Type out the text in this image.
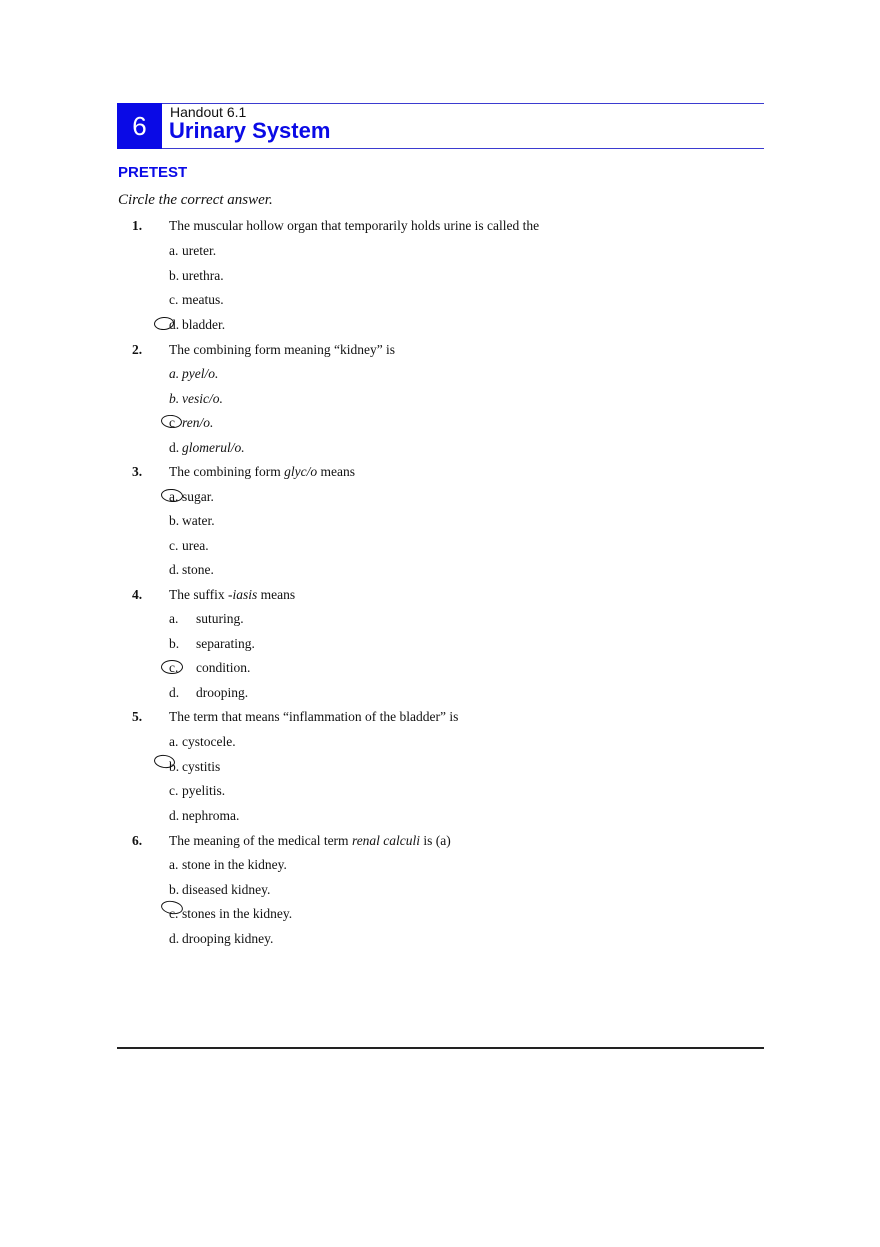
6	Handout 6.1
Urinary System
PRETEST
Circle the correct answer.
1. The muscular hollow organ that temporarily holds urine is called the
a. ureter.
b. urethra.
c. meatus.
d. bladder.
2. The combining form meaning “kidney” is
a. pyel/o.
b. vesic/o.
c ren/o.
d. glomerul/o.
3. The combining form glyc/o means
a. sugar.
b. water.
c. urea.
d. stone.
4. The suffix -iasis means
a. suturing.
b. separating.
c. condition.
d. drooping.
5. The term that means “inflammation of the bladder” is
a. cystocele.
b. cystitis
c. pyelitis.
d. nephroma.
6. The meaning of the medical term renal calculi is (a)
a. stone in the kidney.
b. diseased kidney.
c. stones in the kidney.
d. drooping kidney.
